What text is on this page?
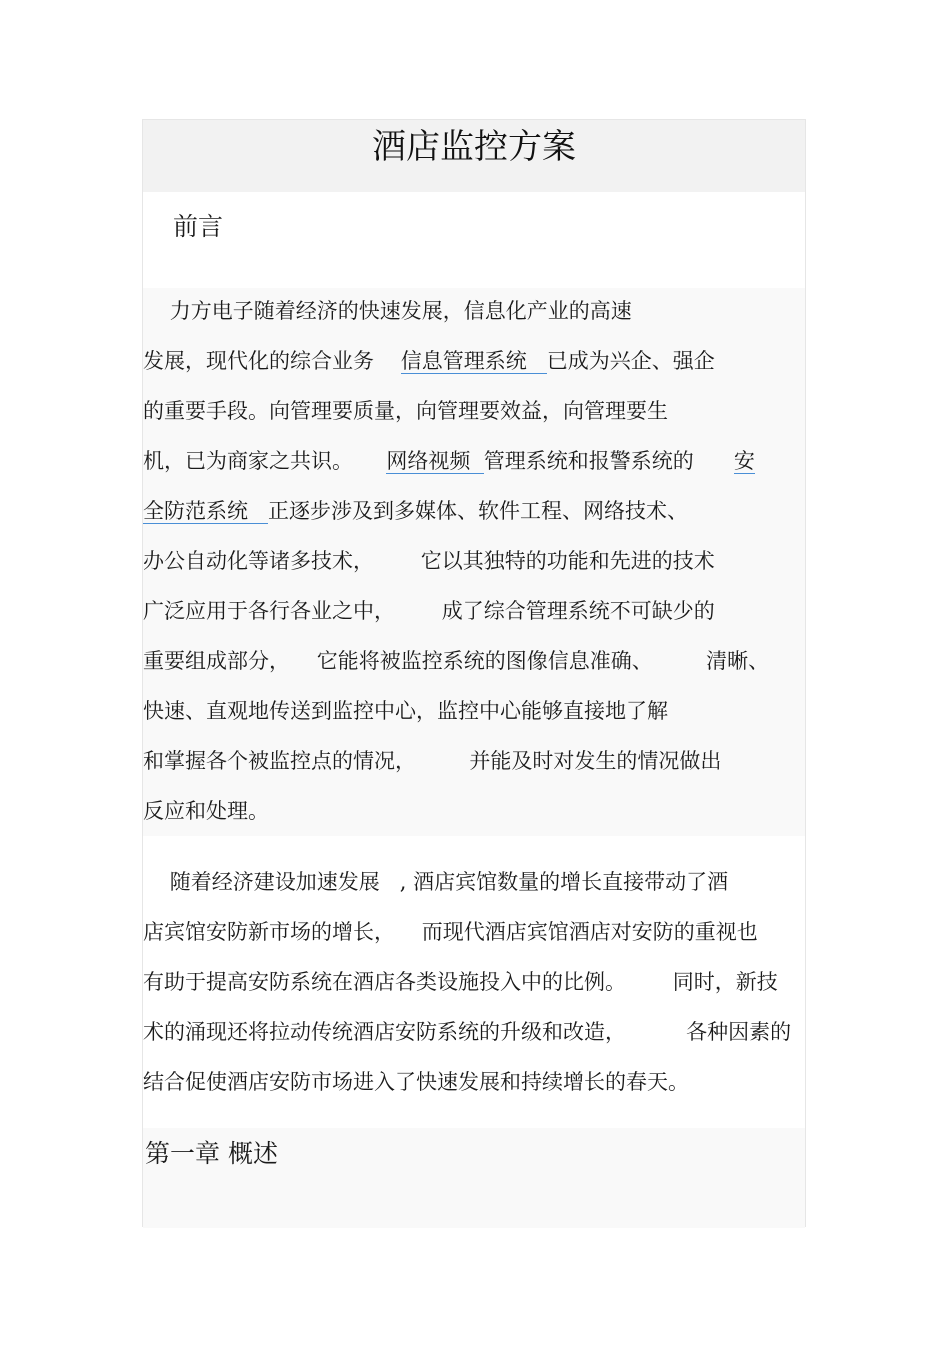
酒店监控方案
前言
力方电子随着经济的快速发展，信息化产业的高速
发展，现代化的综合业务    信息管理系统   已成为兴企、强企
的重要手段。向管理要质量，向管理要效益，向管理要生
机，已为商家之共识。     网络视频  管理系统和报警系统的      安
全防范系统   正逐步涉及到多媒体、软件工程、网络技术、
办公自动化等诸多技术，       它以其独特的功能和先进的技术
广泛应用于各行各业之中，       成了综合管理系统不可缺少的
重要组成部分，    它能将被监控系统的图像信息准确、        清晰、
快速、直观地传送到监控中心，监控中心能够直接地了解
和掌握各个被监控点的情况，        并能及时对发生的情况做出
反应和处理。
随着经济建设加速发展   , 酒店宾馆数量的增长直接带动了酒
店宾馆安防新市场的增长，    而现代酒店宾馆酒店对安防的重视也
有助于提高安防系统在酒店各类设施投入中的比例。       同时，新技
术的涌现还将拉动传统酒店安防系统的升级和改造，         各种因素的
结合促使酒店安防市场进入了快速发展和持续增长的春天。
第一章 概述
